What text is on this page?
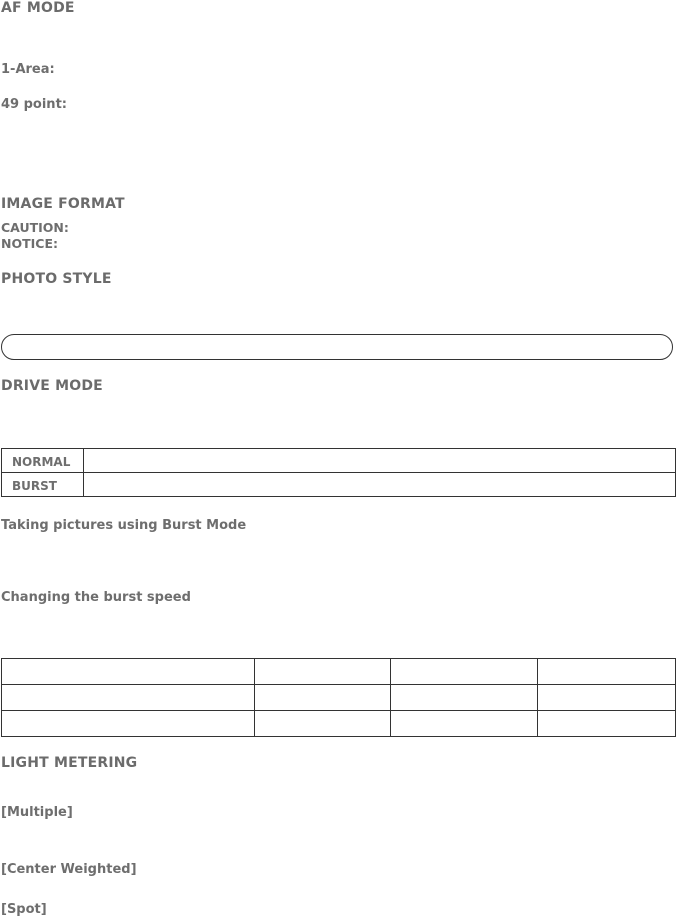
AF MODE
1-Area:
49 point:
IMAGE FORMAT
CAUTION:
NOTICE:
PHOTO STYLE
DRIVE MODE
NORMAL	
BURST	
Taking pictures using Burst Mode
Changing the burst speed

LIGHT METERING
[Multiple]
[Center Weighted]
[Spot]
